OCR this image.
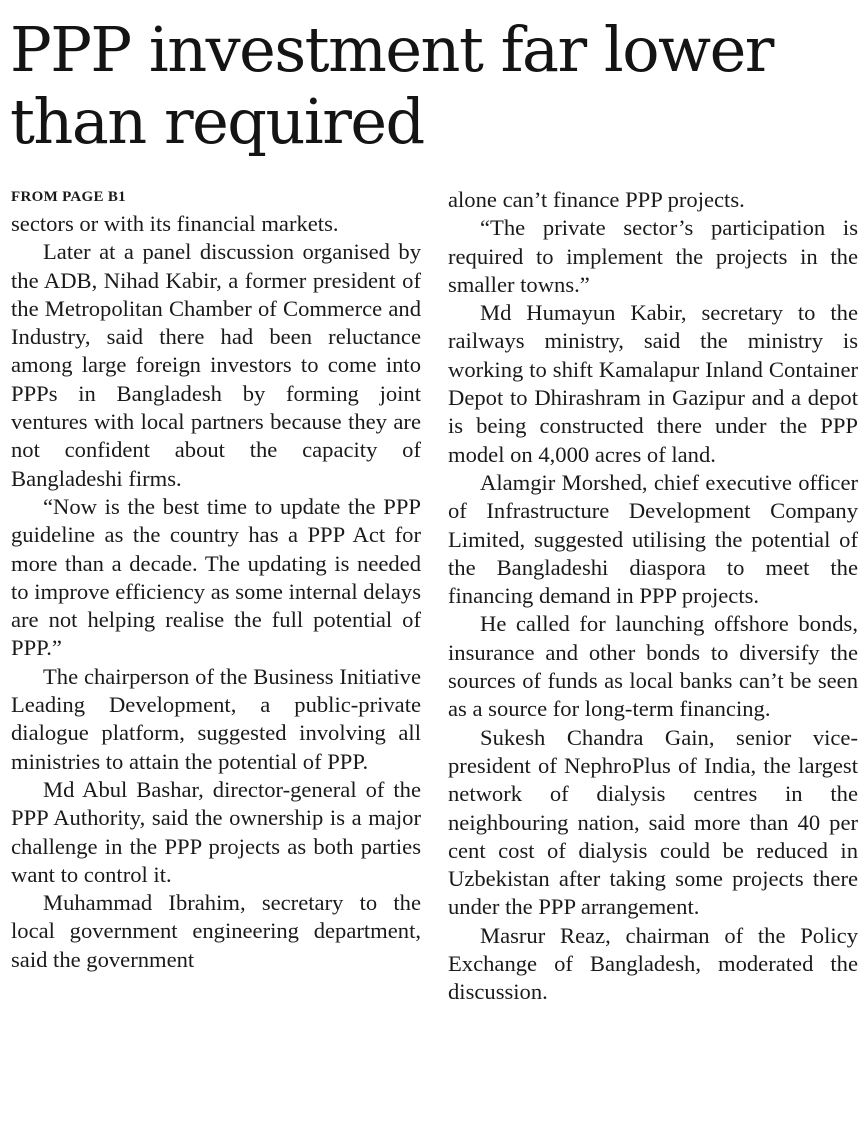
PPP investment far lower than required
FROM PAGE B1

sectors or with its financial markets.

Later at a panel discussion organised by the ADB, Nihad Kabir, a former president of the Metropolitan Chamber of Commerce and Industry, said there had been reluctance among large foreign investors to come into PPPs in Bangladesh by forming joint ventures with local partners because they are not confident about the capacity of Bangladeshi firms.

“Now is the best time to update the PPP guideline as the country has a PPP Act for more than a decade. The updating is needed to improve efficiency as some internal delays are not helping realise the full potential of PPP.”

The chairperson of the Business Initiative Leading Development, a public-private dialogue platform, suggested involving all ministries to attain the potential of PPP.

Md Abul Bashar, director-general of the PPP Authority, said the ownership is a major challenge in the PPP projects as both parties want to control it.

Muhammad Ibrahim, secretary to the local government engineering department, said the government

alone can’t finance PPP projects.

“The private sector’s participation is required to implement the projects in the smaller towns.”

Md Humayun Kabir, secretary to the railways ministry, said the ministry is working to shift Kamalapur Inland Container Depot to Dhirashram in Gazipur and a depot is being constructed there under the PPP model on 4,000 acres of land.

Alamgir Morshed, chief executive officer of Infrastructure Development Company Limited, suggested utilising the potential of the Bangladeshi diaspora to meet the financing demand in PPP projects.

He called for launching offshore bonds, insurance and other bonds to diversify the sources of funds as local banks can’t be seen as a source for long-term financing.

Sukesh Chandra Gain, senior vice-president of NephroPlus of India, the largest network of dialysis centres in the neighbouring nation, said more than 40 per cent cost of dialysis could be reduced in Uzbekistan after taking some projects there under the PPP arrangement.

Masrur Reaz, chairman of the Policy Exchange of Bangladesh, moderated the discussion.
